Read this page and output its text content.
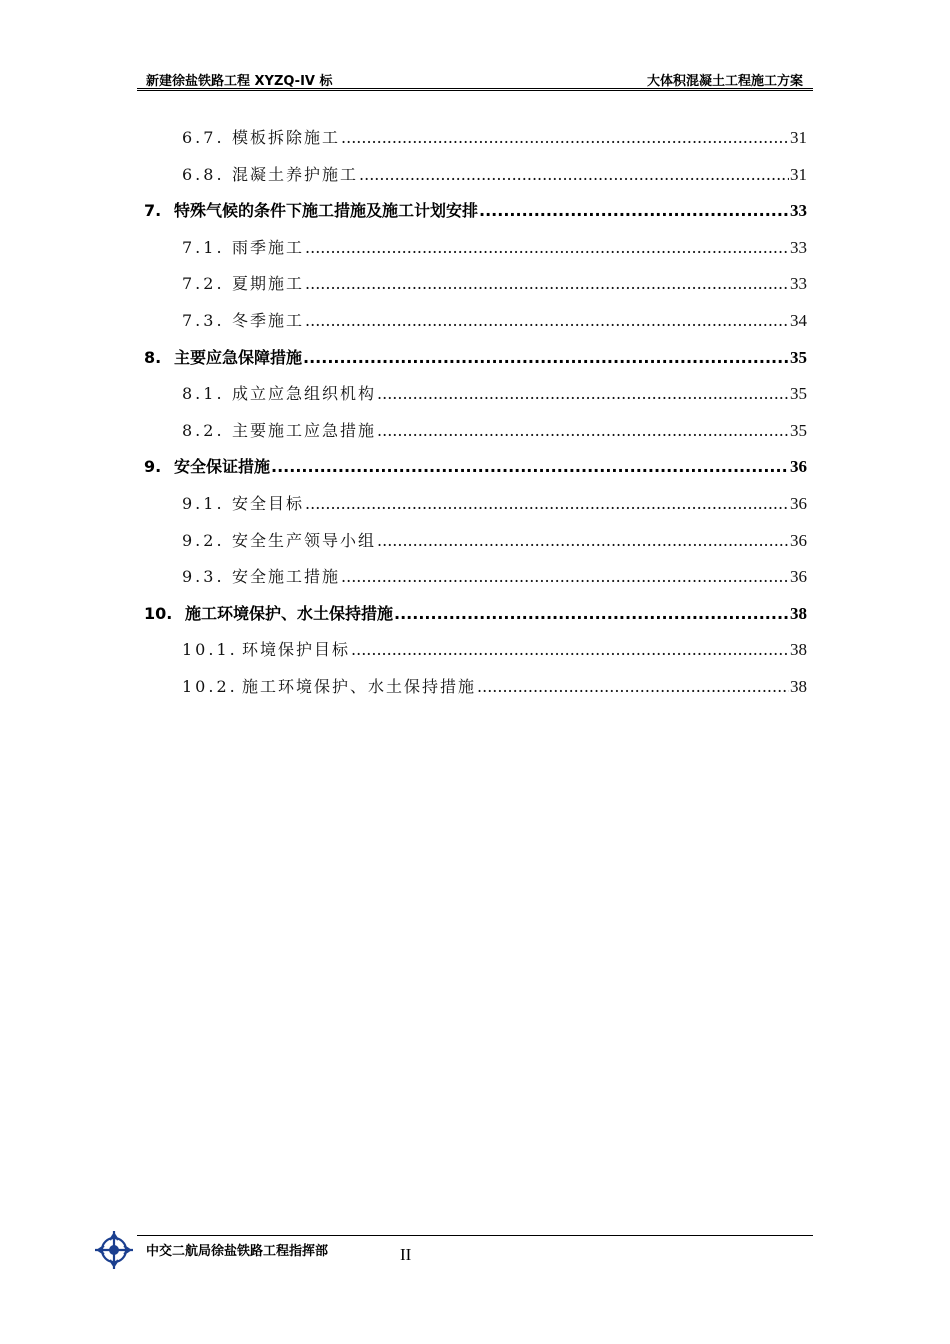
新建徐盐铁路工程 XYZQ-IV 标	大体积混凝土工程施工方案
6.7. 模板拆除施工 .....	31
6.8. 混凝土养护施工 .....	31
7. 特殊气候的条件下施工措施及施工计划安排 .....	33
7.1. 雨季施工 .....	33
7.2. 夏期施工 .....	33
7.3. 冬季施工 .....	34
8. 主要应急保障措施 .....	35
8.1. 成立应急组织机构 .....	35
8.2. 主要施工应急措施 .....	35
9. 安全保证措施 .....	36
9.1. 安全目标 .....	36
9.2. 安全生产领导小组 .....	36
9.3. 安全施工措施 .....	36
10. 施工环境保护、水土保持措施 .....	38
10.1. 环境保护目标 .....	38
10.2. 施工环境保护、水土保持措施 .....	38
中交二航局徐盐铁路工程指挥部	II
